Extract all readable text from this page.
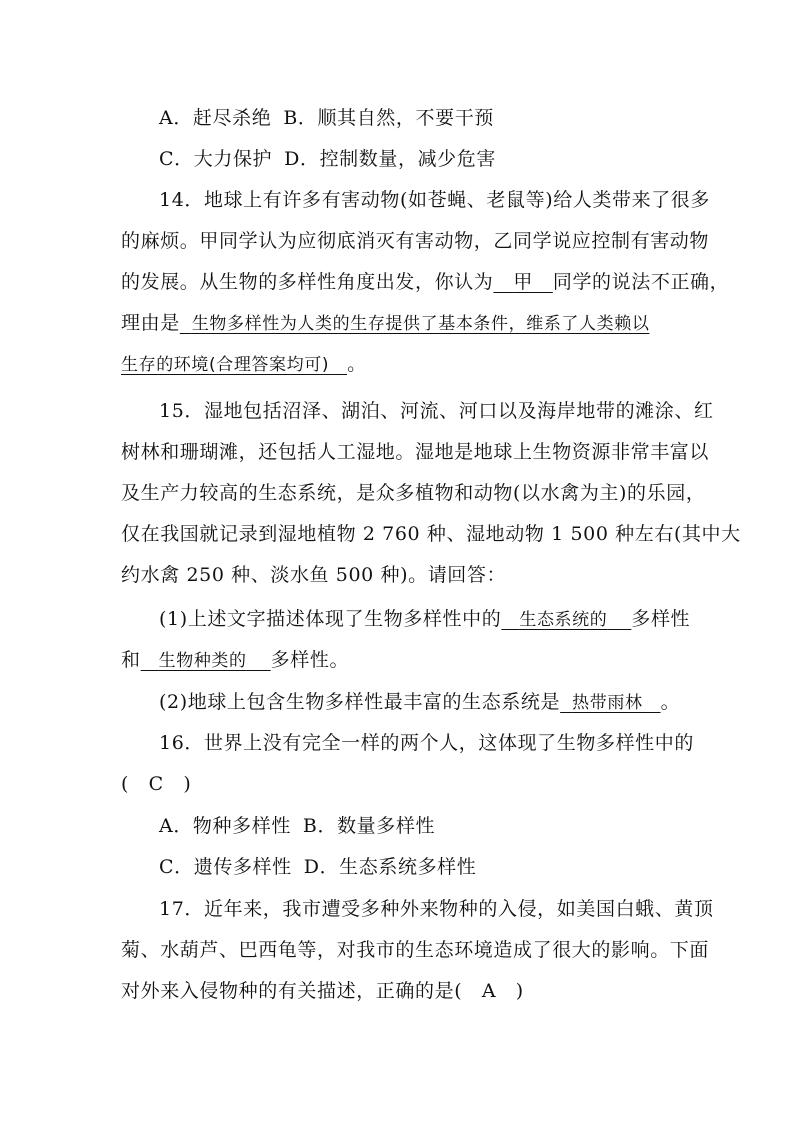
A．赶尽杀绝 B．顺其自然，不要干预
C．大力保护 D．控制数量，减少危害
14．地球上有许多有害动物(如苍蝇、老鼠等)给人类带来了很多
的麻烦。甲同学认为应彻底消灭有害动物，乙同学说应控制有害动物
的发展。从生物的多样性角度出发，你认为 甲 同学的说法不正确，
理由是 生物多样性为人类的生存提供了基本条件，维系了人类赖以
生存的环境(合理答案均可) 。
15．湿地包括沼泽、湖泊、河流、河口以及海岸地带的滩涂、红
树林和珊瑚滩，还包括人工湿地。湿地是地球上生物资源非常丰富以
及生产力较高的生态系统，是众多植物和动物(以水禽为主)的乐园，
仅在我国就记录到湿地植物 2 760 种、湿地动物 1 500 种左右(其中大
约水禽 250 种、淡水鱼 500 种)。请回答：
(1)上述文字描述体现了生物多样性中的 生态系统的 多样性
和 生物种类的 多样性。
(2)地球上包含生物多样性最丰富的生态系统是 热带雨林 。
16．世界上没有完全一样的两个人，这体现了生物多样性中的
(　C　)
A．物种多样性 B．数量多样性
C．遗传多样性 D．生态系统多样性
17．近年来，我市遭受多种外来物种的入侵，如美国白蛾、黄顶
菊、水葫芦、巴西龟等，对我市的生态环境造成了很大的影响。下面
对外来入侵物种的有关描述，正确的是(　A　)
